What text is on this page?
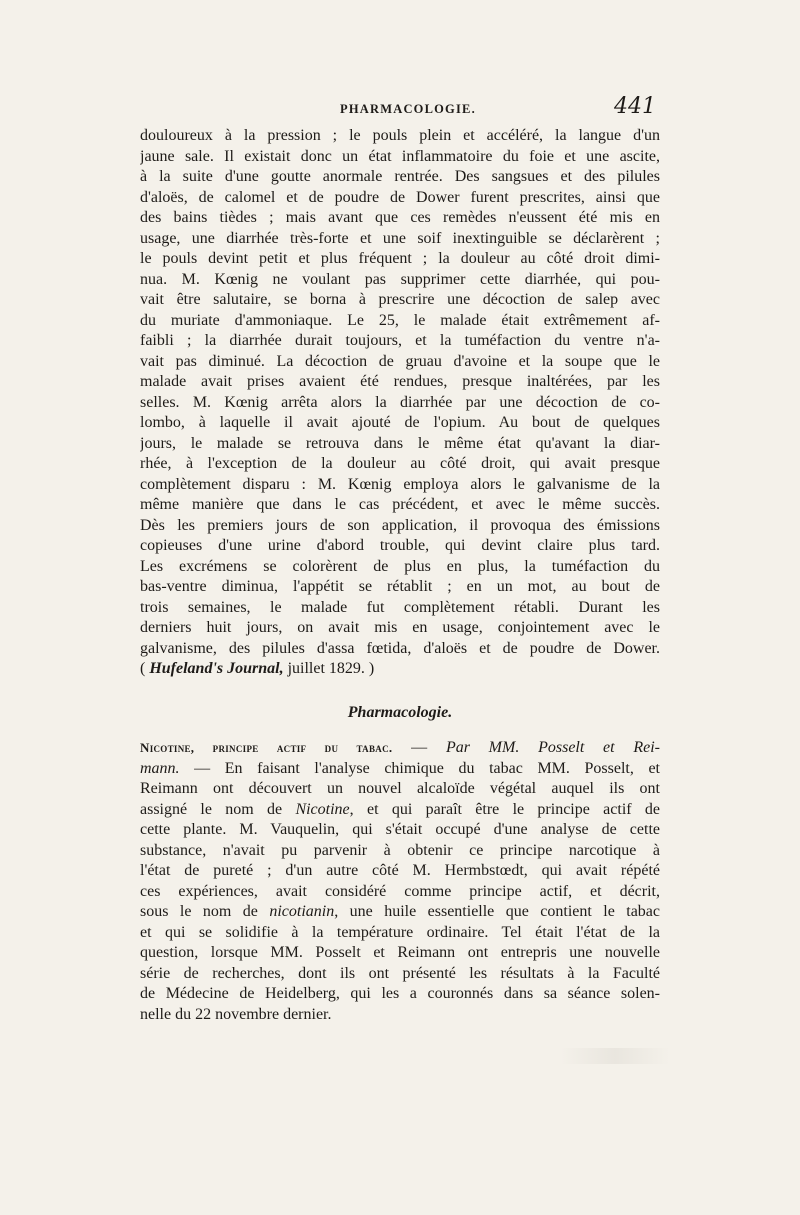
PHARMACOLOGIE.	441
douloureux à la pression ; le pouls plein et accéléré, la langue d'un
jaune sale. Il existait donc un état inflammatoire du foie et une ascite,
à la suite d'une goutte anormale rentrée. Des sangsues et des pilules
d'aloës, de calomel et de poudre de Dower furent prescrites, ainsi que
des bains tièdes ; mais avant que ces remèdes n'eussent été mis en
usage, une diarrhée très-forte et une soif inextinguible se déclarèrent ;
le pouls devint petit et plus fréquent ; la douleur au côté droit dimi-
nua. M. Kœnig ne voulant pas supprimer cette diarrhée, qui pou-
vait être salutaire, se borna à prescrire une décoction de salep avec
du muriate d'ammoniaque. Le 25, le malade était extrêmement af-
faibli ; la diarrhée durait toujours, et la tuméfaction du ventre n'a-
vait pas diminué. La décoction de gruau d'avoine et la soupe que le
malade avait prises avaient été rendues, presque inaltérées, par les
selles. M. Kœnig arrêta alors la diarrhée par une décoction de co-
lombo, à laquelle il avait ajouté de l'opium. Au bout de quelques
jours, le malade se retrouva dans le même état qu'avant la diar-
rhée, à l'exception de la douleur au côté droit, qui avait presque
complètement disparu : M. Kœnig employa alors le galvanisme de la
même manière que dans le cas précédent, et avec le même succès.
Dès les premiers jours de son application, il provoqua des émissions
copieuses d'une urine d'abord trouble, qui devint claire plus tard.
Les excrémens se colorèrent de plus en plus, la tuméfaction du
bas-ventre diminua, l'appétit se rétablit ; en un mot, au bout de
trois semaines, le malade fut complètement rétabli. Durant les
derniers huit jours, on avait mis en usage, conjointement avec le
galvanisme, des pilules d'assa fœtida, d'aloës et de poudre de Dower.
( Hufeland's Journal, juillet 1829. )
Pharmacologie.
Nicotine, principe actif du tabac. — Par MM. Posselt et Rei-
mann. — En faisant l'analyse chimique du tabac MM. Posselt, et
Reimann ont découvert un nouvel alcaloïde végétal auquel ils ont
assigné le nom de Nicotine, et qui paraît être le principe actif de
cette plante. M. Vauquelin, qui s'était occupé d'une analyse de cette
substance, n'avait pu parvenir à obtenir ce principe narcotique à
l'état de pureté ; d'un autre côté M. Hermbstœdt, qui avait répété
ces expériences, avait considéré comme principe actif, et décrit,
sous le nom de nicotianin, une huile essentielle que contient le tabac
et qui se solidifie à la température ordinaire. Tel était l'état de la
question, lorsque MM. Posselt et Reimann ont entrepris une nouvelle
série de recherches, dont ils ont présenté les résultats à la Faculté
de Médecine de Heidelberg, qui les a couronnés dans sa séance solen-
nelle du 22 novembre dernier.
